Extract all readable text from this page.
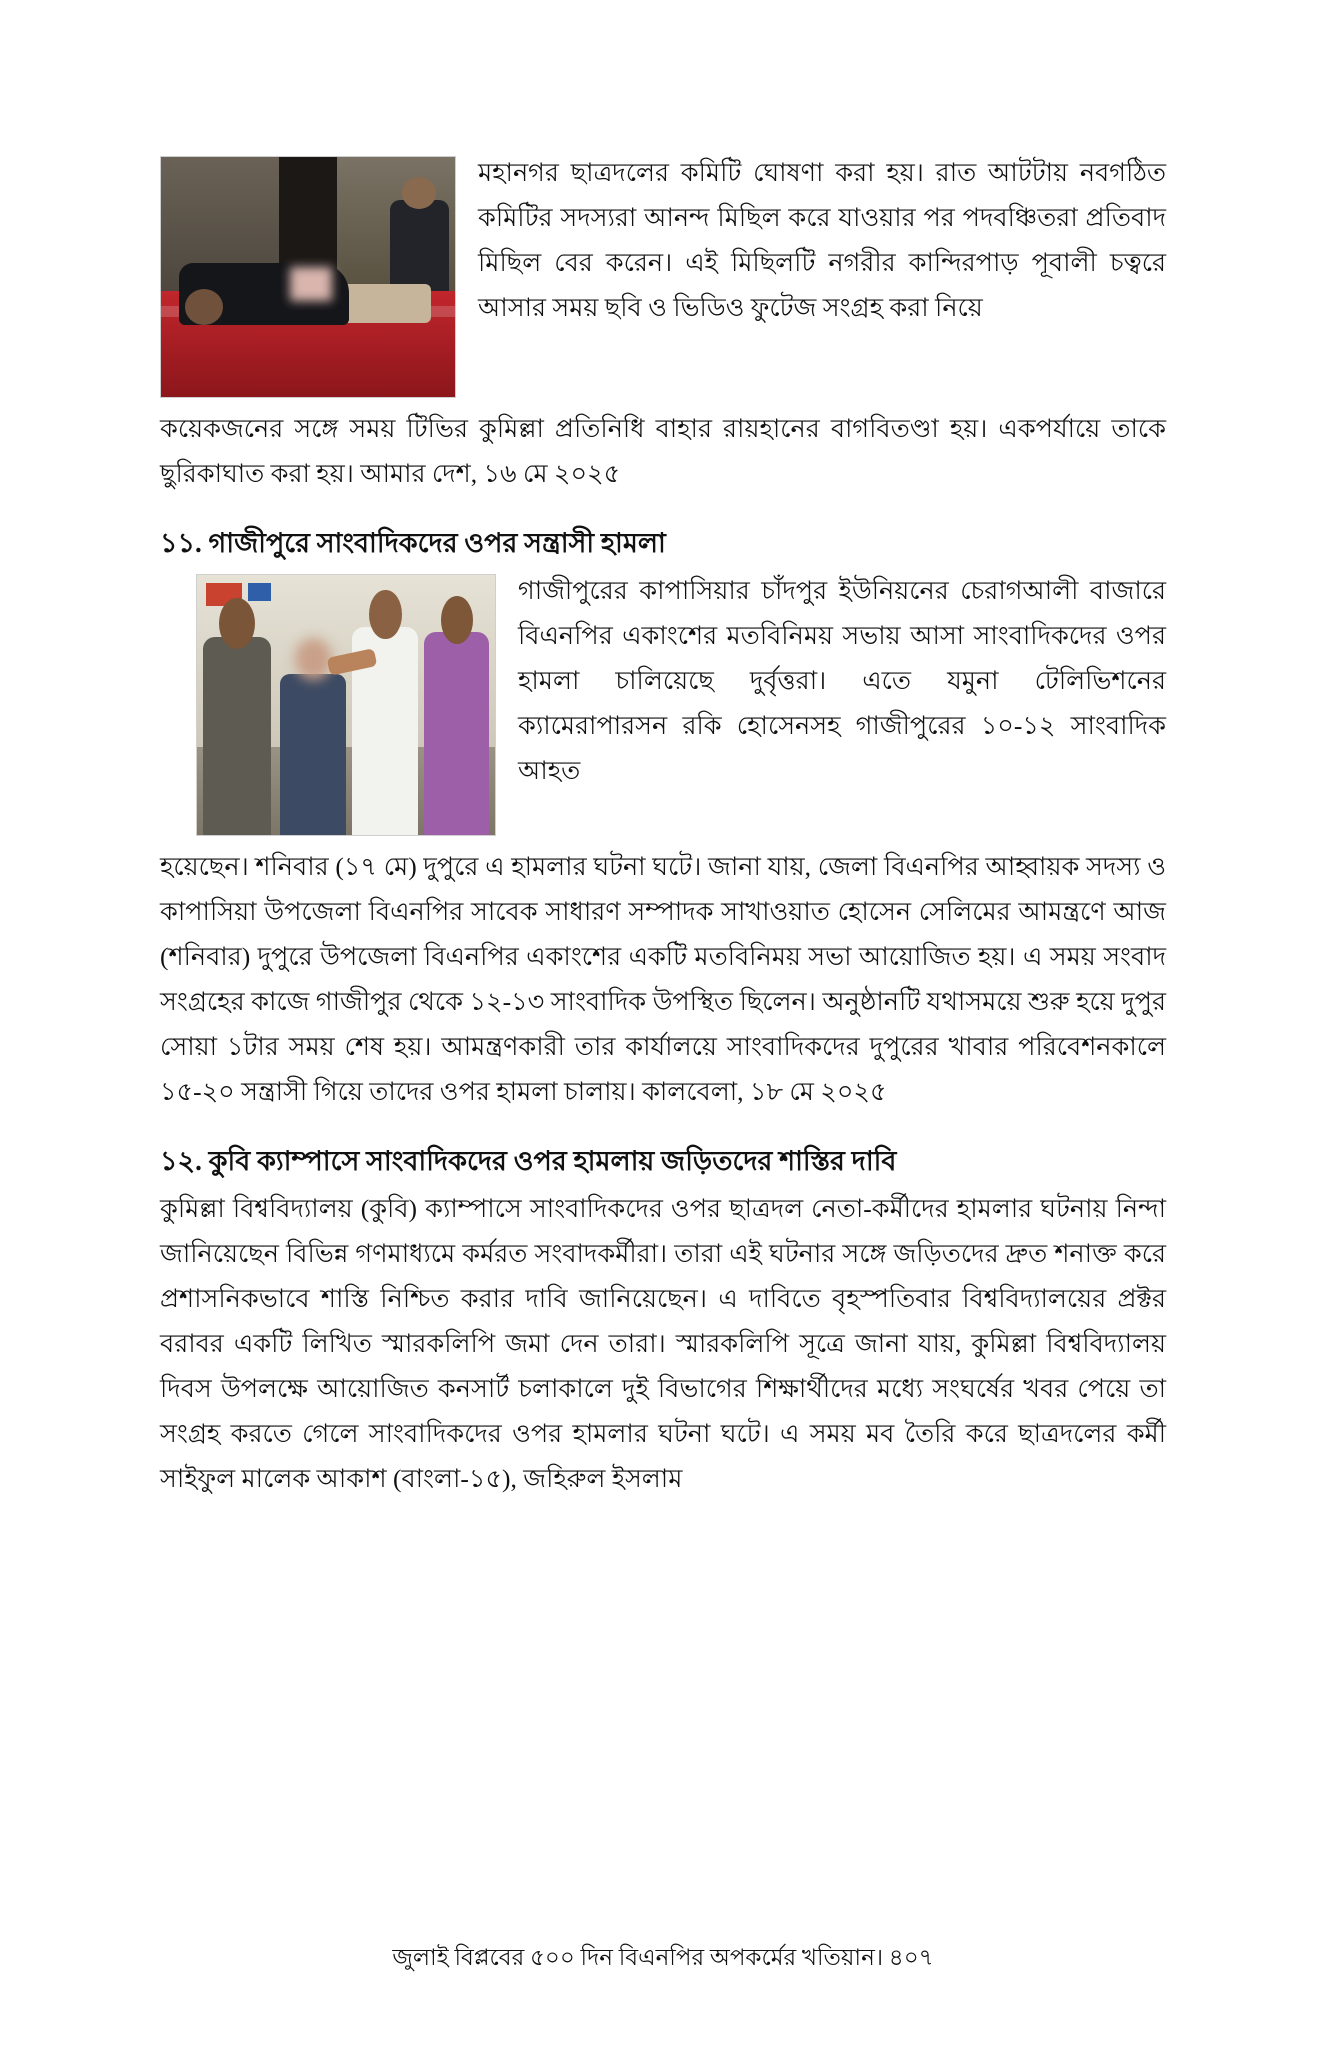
মহানগর ছাত্রদলের কমিটি ঘোষণা করা হয়। রাত আটটায় নবগঠিত কমিটির সদস্যরা আনন্দ মিছিল করে যাওয়ার পর পদবঞ্চিতরা প্রতিবাদ মিছিল বের করেন। এই মিছিলটি নগরীর কান্দিরপাড় পূবালী চত্বরে আসার সময় ছবি ও ভিডিও ফুটেজ সংগ্রহ করা নিয়ে

কয়েকজনের সঙ্গে সময় টিভির কুমিল্লা প্রতিনিধি বাহার রায়হানের বাগবিতণ্ডা হয়। একপর্যায়ে তাকে ছুরিকাঘাত করা হয়। আমার দেশ, ১৬ মে ২০২৫

১১. গাজীপুরে সাংবাদিকদের ওপর সন্ত্রাসী হামলা

গাজীপুরের কাপাসিয়ার চাঁদপুর ইউনিয়নের চেরাগআলী বাজারে বিএনপির একাংশের মতবিনিময় সভায় আসা সাংবাদিকদের ওপর হামলা চালিয়েছে দুর্বৃত্তরা। এতে যমুনা টেলিভিশনের ক্যামেরাপারসন রকি হোসেনসহ গাজীপুরের ১০-১২ সাংবাদিক আহত

হয়েছেন। শনিবার (১৭ মে) দুপুরে এ হামলার ঘটনা ঘটে। জানা যায়, জেলা বিএনপির আহ্বায়ক সদস্য ও কাপাসিয়া উপজেলা বিএনপির সাবেক সাধারণ সম্পাদক সাখাওয়াত হোসেন সেলিমের আমন্ত্রণে আজ (শনিবার) দুপুরে উপজেলা বিএনপির একাংশের একটি মতবিনিময় সভা আয়োজিত হয়। এ সময় সংবাদ সংগ্রহের কাজে গাজীপুর থেকে ১২-১৩ সাংবাদিক উপস্থিত ছিলেন। অনুষ্ঠানটি যথাসময়ে শুরু হয়ে দুপুর সোয়া ১টার সময় শেষ হয়। আমন্ত্রণকারী তার কার্যালয়ে সাংবাদিকদের দুপুরের খাবার পরিবেশনকালে ১৫-২০ সন্ত্রাসী গিয়ে তাদের ওপর হামলা চালায়। কালবেলা, ১৮ মে ২০২৫

১২. কুবি ক্যাম্পাসে সাংবাদিকদের ওপর হামলায় জড়িতদের শাস্তির দাবি

কুমিল্লা বিশ্ববিদ্যালয় (কুবি) ক্যাম্পাসে সাংবাদিকদের ওপর ছাত্রদল নেতা-কর্মীদের হামলার ঘটনায় নিন্দা জানিয়েছেন বিভিন্ন গণমাধ্যমে কর্মরত সংবাদকর্মীরা। তারা এই ঘটনার সঙ্গে জড়িতদের দ্রুত শনাক্ত করে প্রশাসনিকভাবে শাস্তি নিশ্চিত করার দাবি জানিয়েছেন। এ দাবিতে বৃহস্পতিবার বিশ্ববিদ্যালয়ের প্রক্টর বরাবর একটি লিখিত স্মারকলিপি জমা দেন তারা। স্মারকলিপি সূত্রে জানা যায়, কুমিল্লা বিশ্ববিদ্যালয় দিবস উপলক্ষে আয়োজিত কনসার্ট চলাকালে দুই বিভাগের শিক্ষার্থীদের মধ্যে সংঘর্ষের খবর পেয়ে তা সংগ্রহ করতে গেলে সাংবাদিকদের ওপর হামলার ঘটনা ঘটে। এ সময় মব তৈরি করে ছাত্রদলের কর্মী সাইফুল মালেক আকাশ (বাংলা-১৫), জহিরুল ইসলাম

জুলাই বিপ্লবের ৫০০ দিন বিএনপির অপকর্মের খতিয়ান। ৪০৭
